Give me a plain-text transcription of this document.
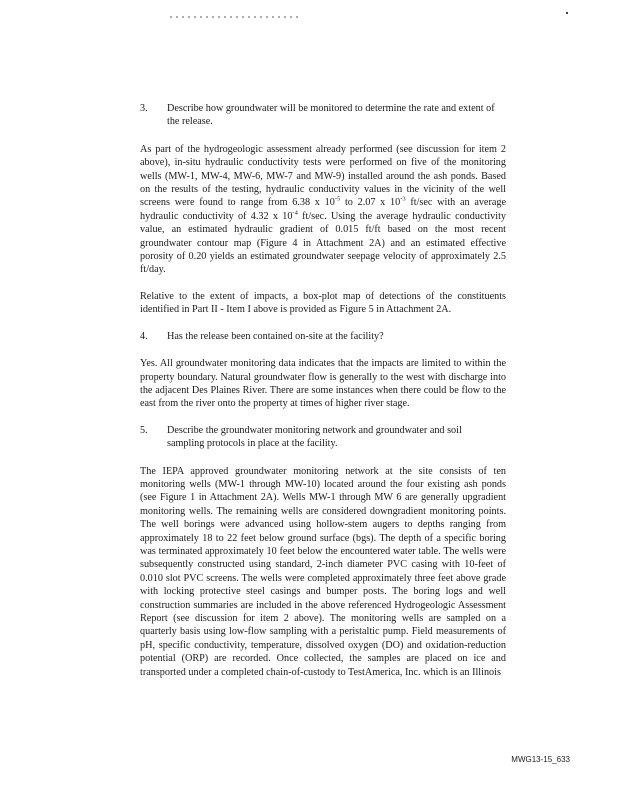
3.	Describe how groundwater will be monitored to determine the rate and extent of the release.

As part of the hydrogeologic assessment already performed (see discussion for item 2 above), in-situ hydraulic conductivity tests were performed on five of the monitoring wells (MW-1, MW-4, MW-6, MW-7 and MW-9) installed around the ash ponds. Based on the results of the testing, hydraulic conductivity values in the vicinity of the well screens were found to range from 6.38 x $10^{-5}$ to 2.07 x $10^{-3}$ ft/sec with an average hydraulic conductivity of 4.32 x $10^{-4}$ ft/sec. Using the average hydraulic conductivity value, an estimated hydraulic gradient of 0.015 ft/ft based on the most recent groundwater contour map (Figure 4 in Attachment 2A) and an estimated effective porosity of 0.20 yields an estimated groundwater seepage velocity of approximately 2.5 ft/day.

Relative to the extent of impacts, a box-plot map of detections of the constituents identified in Part II - Item I above is provided as Figure 5 in Attachment 2A.

4.	Has the release been contained on-site at the facility?

Yes. All groundwater monitoring data indicates that the impacts are limited to within the property boundary. Natural groundwater flow is generally to the west with discharge into the adjacent Des Plaines River. There are some instances when there could be flow to the east from the river onto the property at times of higher river stage.

5.	Describe the groundwater monitoring network and groundwater and soil sampling protocols in place at the facility.

The IEPA approved groundwater monitoring network at the site consists of ten monitoring wells (MW-1 through MW-10) located around the four existing ash ponds (see Figure 1 in Attachment 2A). Wells MW-1 through MW 6 are generally upgradient monitoring wells. The remaining wells are considered downgradient monitoring points. The well borings were advanced using hollow-stem augers to depths ranging from approximately 18 to 22 feet below ground surface (bgs). The depth of a specific boring was terminated approximately 10 feet below the encountered water table. The wells were subsequently constructed using standard, 2-inch diameter PVC casing with 10-feet of 0.010 slot PVC screens. The wells were completed approximately three feet above grade with locking protective steel casings and bumper posts. The boring logs and well construction summaries are included in the above referenced Hydrogeologic Assessment Report (see discussion for item 2 above). The monitoring wells are sampled on a quarterly basis using low-flow sampling with a peristaltic pump. Field measurements of pH, specific conductivity, temperature, dissolved oxygen (DO) and oxidation-reduction potential (ORP) are recorded. Once collected, the samples are placed on ice and transported under a completed chain-of-custody to TestAmerica, Inc. which is an Illinois

MWG13-15_633
